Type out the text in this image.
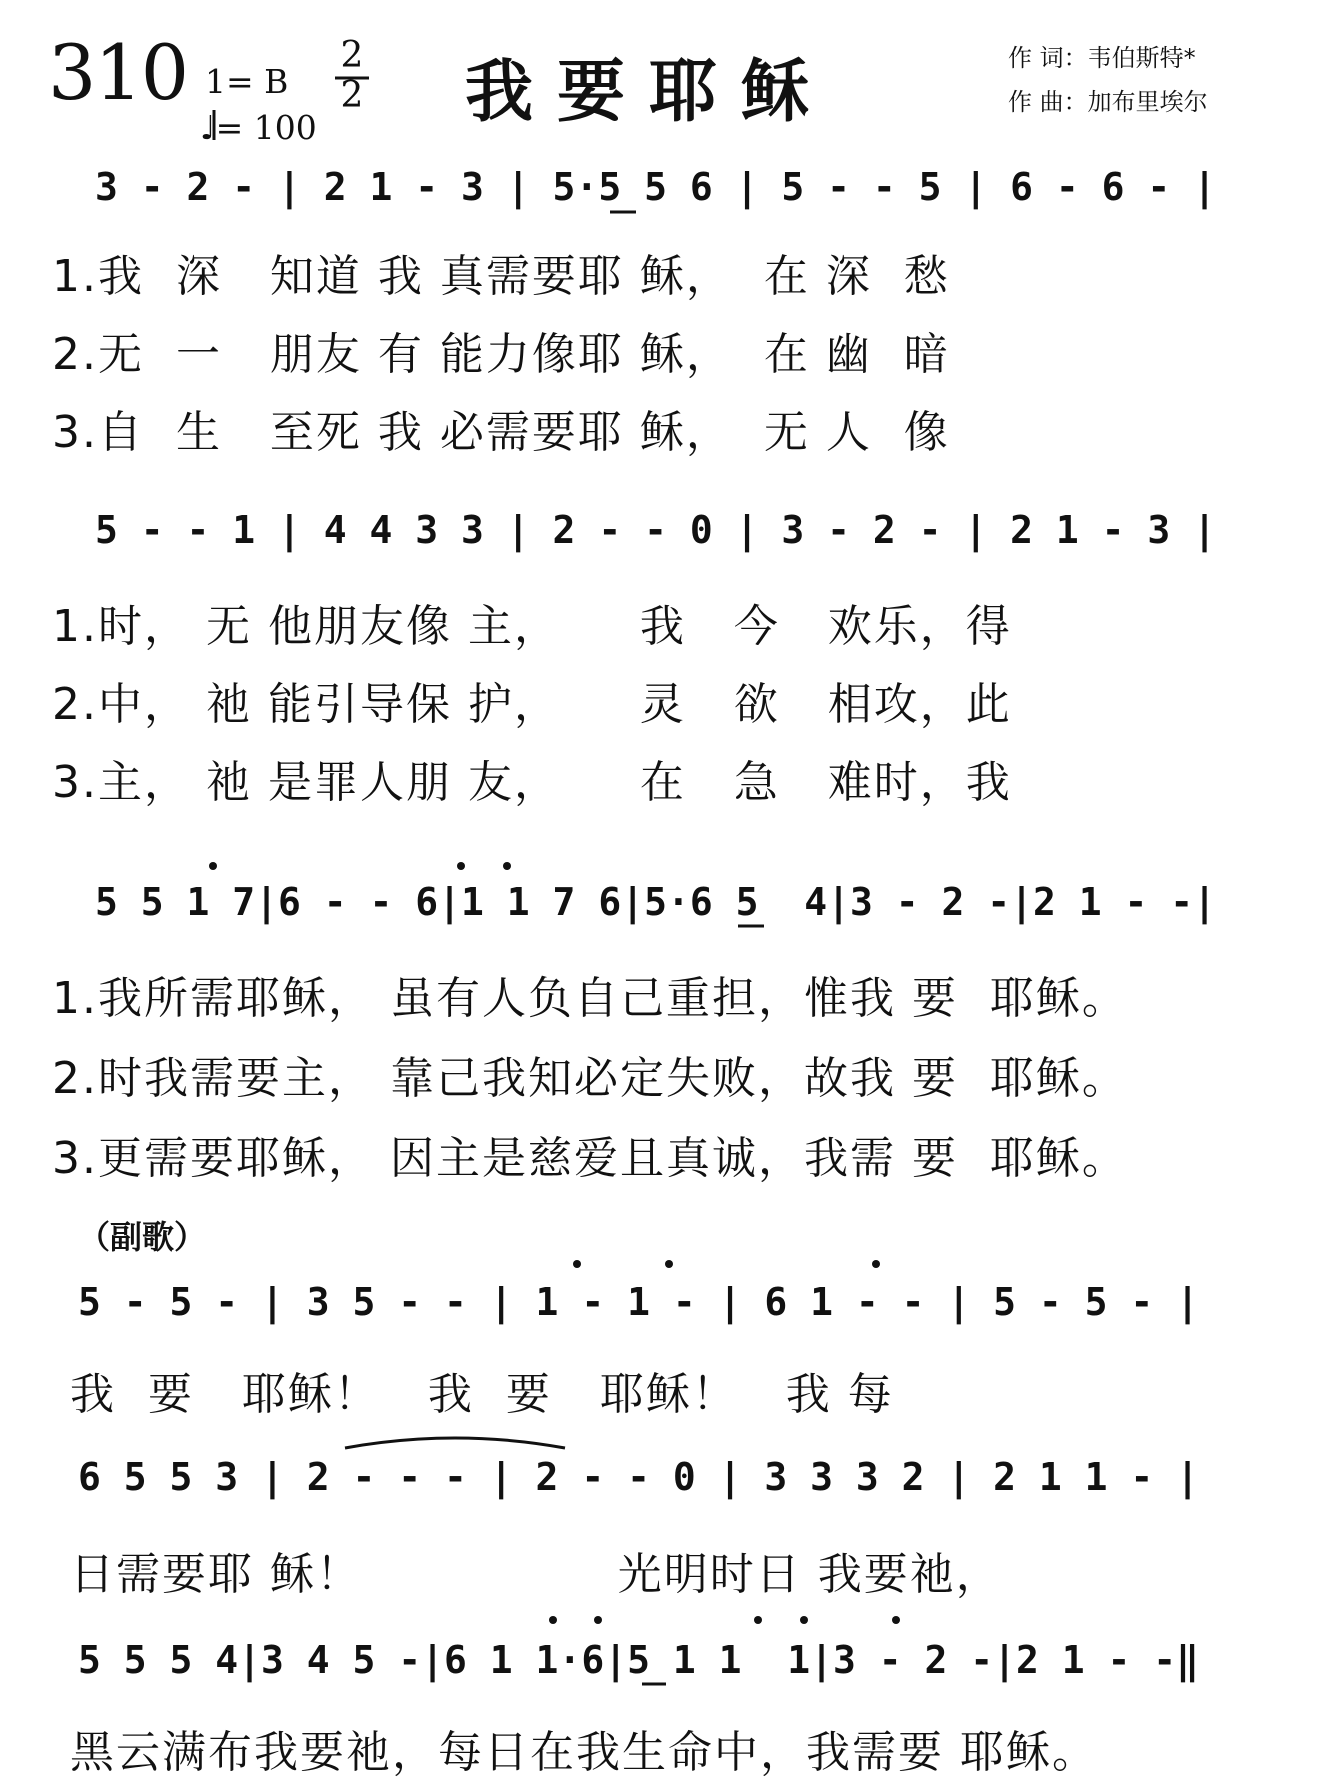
310 1= B
♩= 100
2
2 我要耶稣	作 词：韦伯斯特*
作 曲：加布里埃尔
3 - 2 - | 2 1 - 3 | 5·5 5 6 | 5 - - 5 | 6 - 6 - |
1.我  深   知道 我 真需要耶 稣，  在 深  愁
2.无  一   朋友 有 能力像耶 稣，  在 幽  暗
3.自  生   至死 我 必需要耶 稣，  无 人  像
5 - - 1 | 4 4 3 3 | 2 - - 0 | 3 - 2 - | 2 1 - 3 |
1.时， 无 他朋友像 主，     我   今   欢乐，得
2.中， 祂 能引导保 护，     灵   欲   相攻，此
3.主， 祂 是罪人朋 友，     在   急   难时，我
5 5 1 7|6 - - 6|1 1 7 6|5·6 5  4|3 - 2 -|2 1 - -|
1.我所需耶稣， 虽有人负自己重担，惟我 要  耶稣。
2.时我需要主， 靠己我知必定失败，故我 要  耶稣。
3.更需要耶稣， 因主是慈爱且真诚，我需 要  耶稣。
（副歌）
5 - 5 - | 3 5 - - | 1 - 1 - | 6 1 - - | 5 - 5 - |
我  要   耶稣！   我  要   耶稣！   我 每
6 5 5 3 | 2 - - - | 2 - - 0 | 3 3 3 2 | 2 1 1 - |
日需要耶 稣！                光明时日 我要祂，
5 5 5 4|3 4 5 -|6 1 1·6|5 1 1  1|3 - 2 -|2 1 - -‖
黑云满布我要祂，每日在我生命中，我需要 耶稣。
